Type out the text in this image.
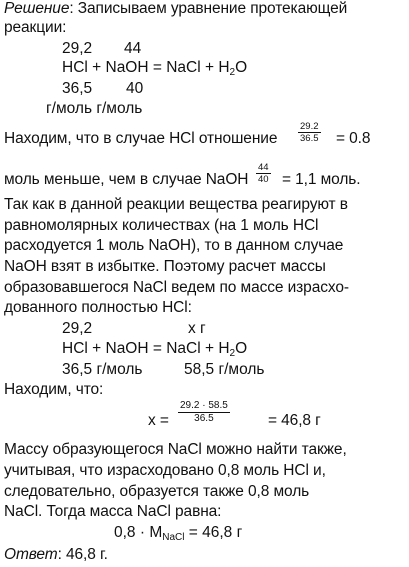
Решение: Записываем уравнение протекающей
реакции:
29,2 44
HCl + NaOH = NaCl + $H_2O$
36,5 40
г/моль г/моль
Находим, что в случае HCl отношение $\frac{29.2}{36.5} = 0.8$
моль меньше, чем в случае NaOH $\frac{44}{40} = 1,1$ моль.
Так как в данной реакции вещества реагируют в
равномолярных количествах (на 1 моль HCl
расходуется 1 моль NaOH), то в данном случае
NaOH взят в избытке. Поэтому расчет массы
образовавшегося NaCl ведем по массе израсхо-
дованного полностью HCl:
29,2	x г
HCl + NaOH = NaCl + $H_2O$
36,5 г/моль	58,5 г/моль
Находим, что:
$x = \frac{29.2 \cdot 58.5}{36.5} = 46,8$ г
Массу образующегося NaCl можно найти также,
учитывая, что израсходовано 0,8 моль HCl и,
следовательно, образуется также 0,8 моль
NaCl. Тогда масса NaCl равна:
$0,8 \cdot M_{NaCl} = 46,8$ г
Ответ: 46,8 г.
